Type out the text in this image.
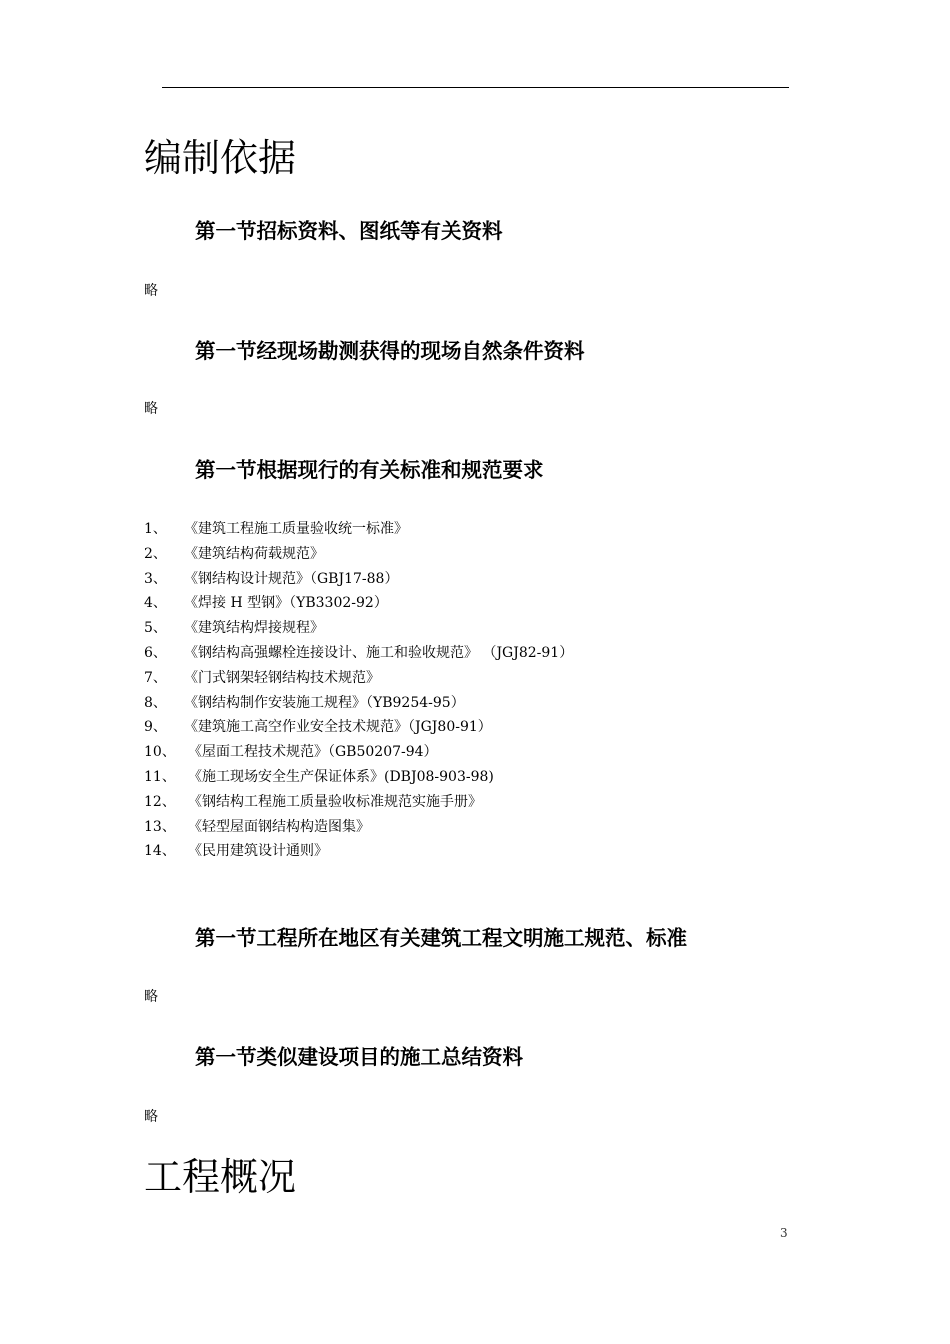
编制依据
第一节招标资料、图纸等有关资料
略
第一节经现场勘测获得的现场自然条件资料
略
第一节根据现行的有关标准和规范要求
1、 《建筑工程施工质量验收统一标准》
2、 《建筑结构荷载规范》
3、 《钢结构设计规范》（GBJ17-88）
4、 《焊接 H 型钢》（YB3302-92）
5、 《建筑结构焊接规程》
6、 《钢结构高强螺栓连接设计、施工和验收规范》 （JGJ82-91）
7、 《门式钢架轻钢结构技术规范》
8、 《钢结构制作安装施工规程》（YB9254-95）
9、 《建筑施工高空作业安全技术规范》（JGJ80-91）
10、 《屋面工程技术规范》（GB50207-94）
11、 《施工现场安全生产保证体系》(DBJ08-903-98)
12、 《钢结构工程施工质量验收标准规范实施手册》
13、 《轻型屋面钢结构构造图集》
14、 《民用建筑设计通则》
第一节工程所在地区有关建筑工程文明施工规范、标准
略
第一节类似建设项目的施工总结资料
略
工程概况
3
